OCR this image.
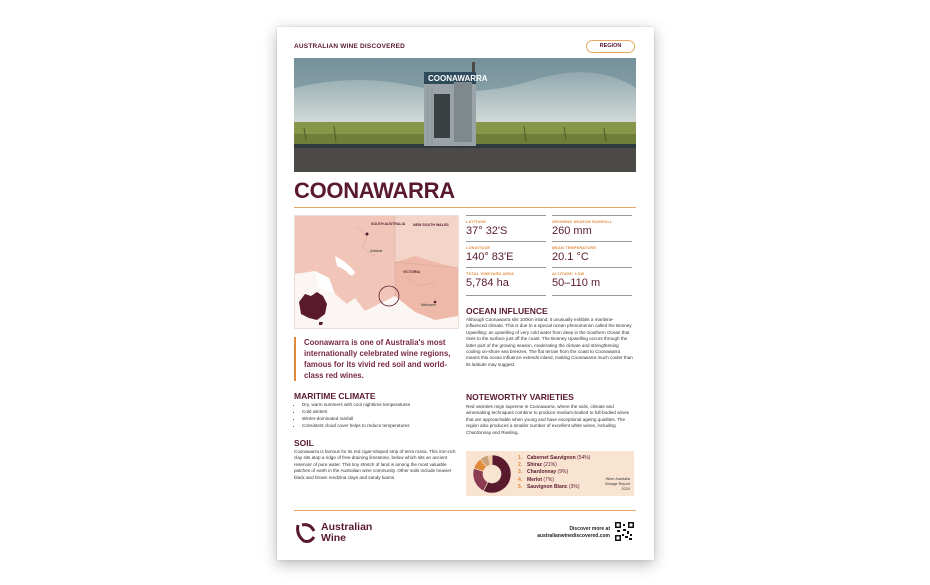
AUSTRALIAN WINE DISCOVERED	REGION
COONAWARRA
COONAWARRA
SOUTH AUSTRALIA NEW SOUTH WALES
VICTORIA
Adelaide
Melbourne
LATITUDE
37° 32'S
GROWING SEASON RAINFALL
260 mm
LONGITUDE
140° 83'E
MEAN TEMPERATURE
20.1 °C
TOTAL VINEYARD AREA
5,784 ha
ALTITUDE: LOW
50–110 m
Coonawarra is one of Australia's most internationally celebrated wine regions, famous for its vivid red soil and world-class red wines.
MARITIME CLIMATE
• Dry, warm summers with cool nighttime temperatures
• Cold winters
• Winter-dominated rainfall
• Consistent cloud cover helps to reduce temperatures
SOIL
Coonawarra is famous for its red cigar-shaped strip of terra rossa. This iron-rich clay sits atop a ridge of free-draining limestone, below which sits an ancient reservoir of pure water. This tiny stretch of land is among the most valuable patches of earth in the Australian wine community. Other soils include heavier black and brown rendzina clays and sandy loams.
OCEAN INFLUENCE
Although Coonawarra sits 100km inland, it unusually exhibits a maritime-influenced climate. This is due to a special ocean phenomenon called the Bonney Upwelling: an upwelling of very cold water from deep in the Southern Ocean that rises to the surface just off the coast. The Bonney Upwelling occurs through the latter part of the growing season, moderating the climate and strengthening cooling on-shore sea breezes. The flat terrain from the coast to Coonawarra means this ocean influence extends inland, making Coonawarra much cooler than its latitude may suggest.
NOTEWORTHY VARIETIES
Red varieties reign supreme in Coonawarra, where the soils, climate and winemaking techniques combine to produce medium-bodied to full-bodied wines that are approachable when young and have exceptional ageing qualities. The region also produces a smaller number of excellent white wines, including Chardonnay and Riesling.
1. Cabernet Sauvignon (54%)
2. Shiraz (21%)
3. Chardonnay (9%)
4. Merlot (7%)
5. Sauvignon Blanc (3%)
Wine Australia
Vintage Report
2024
Australian
Wine
Discover more at
australianwinediscovered.com
